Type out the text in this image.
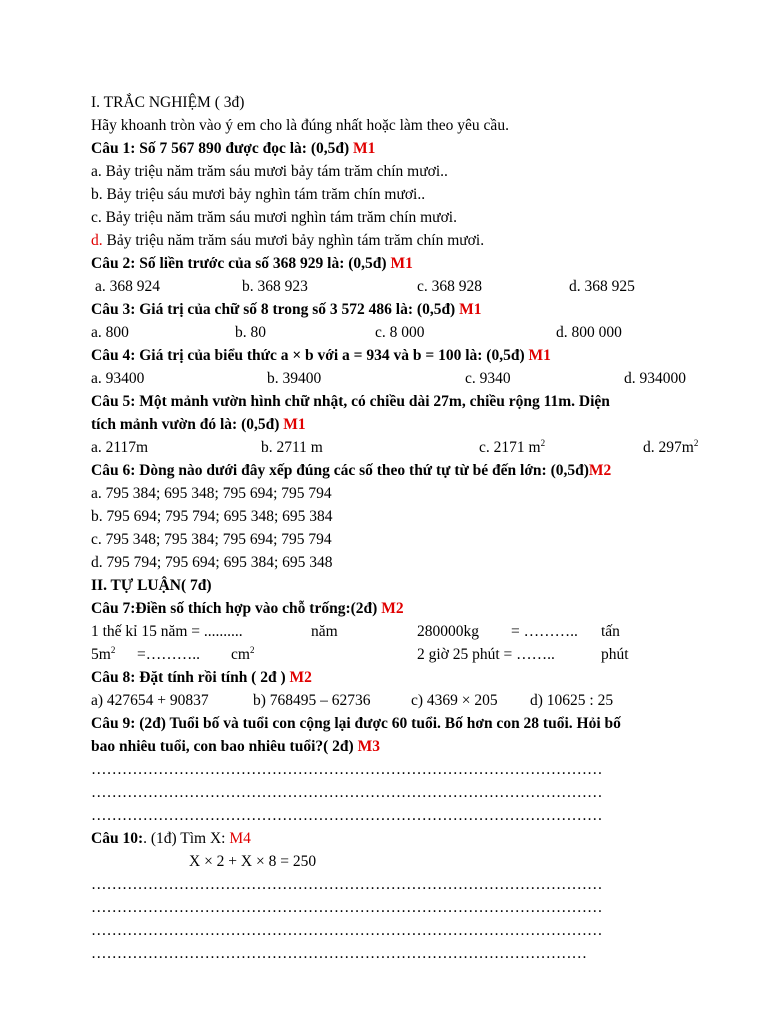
I. TRẮC NGHIỆM ( 3đ)
Hãy khoanh tròn vào ý em cho là đúng nhất hoặc làm theo yêu cầu.
Câu 1: Số 7 567 890 được đọc là: (0,5đ) M1
a. Bảy triệu năm trăm sáu mươi bảy tám trăm chín mươi..
b. Bảy triệu sáu mươi bảy nghìn tám trăm chín mươi..
c. Bảy triệu năm trăm sáu mươi nghìn tám trăm chín mươi.
d. Bảy triệu năm trăm sáu mươi bảy nghìn tám trăm chín mươi.
Câu 2: Số liền trước của số 368 929 là: (0,5đ) M1
a. 368 924	b. 368 923	c. 368 928	d. 368 925
Câu 3: Giá trị của chữ số 8 trong số 3 572 486 là: (0,5đ) M1
a. 800	b. 80	c. 8 000	d. 800 000
Câu 4: Giá trị của biểu thức a × b với a = 934 và b = 100 là: (0,5đ) M1
a. 93400	b. 39400	c. 9340	d. 934000
Câu 5: Một mảnh vườn hình chữ nhật, có chiều dài 27m, chiều rộng 11m. Diện
tích mảnh vườn đó là: (0,5đ) M1
a. 2117m	b. 2711 m	c. 2171 $m^2$	d. $297m^2$
Câu 6: Dòng nào dưới đây xếp đúng các số theo thứ tự từ bé đến lớn: (0,5đ)M2
a. 795 384; 695 348; 795 694; 795 794
b. 795 694; 795 794; 695 348; 695 384
c. 795 348; 795 384; 795 694; 795 794
d. 795 794; 795 694; 695 384; 695 348
II. TỰ LUẬN( 7đ)
Câu 7:Điền số thích hợp vào chỗ trống:(2đ) M2
1 thế kỉ 15 năm = ..........	năm	280000kg = ……….. tấn
$5m^2$ =……….. $cm^2$	2 giờ 25 phút = ……..	phút
Câu 8: Đặt tính rồi tính ( 2đ ) M2
a) 427654 + 90837	b) 768495 – 62736	c) 4369 × 205 d) 10625 : 25
Câu 9: (2đ) Tuổi bố và tuổi con cộng lại được 60 tuổi. Bố hơn con 28 tuổi. Hỏi bố
bao nhiêu tuổi, con bao nhiêu tuổi?( 2đ) M3
………………………………………………………………………………………
………………………………………………………………………………………
………………………………………………………………………………………
Câu 10:. (1đ) Tìm X: M4
X × 2 + X × 8 = 250
………………………………………………………………………………………
………………………………………………………………………………………
………………………………………………………………………………………
……………………………………………………………………………………
